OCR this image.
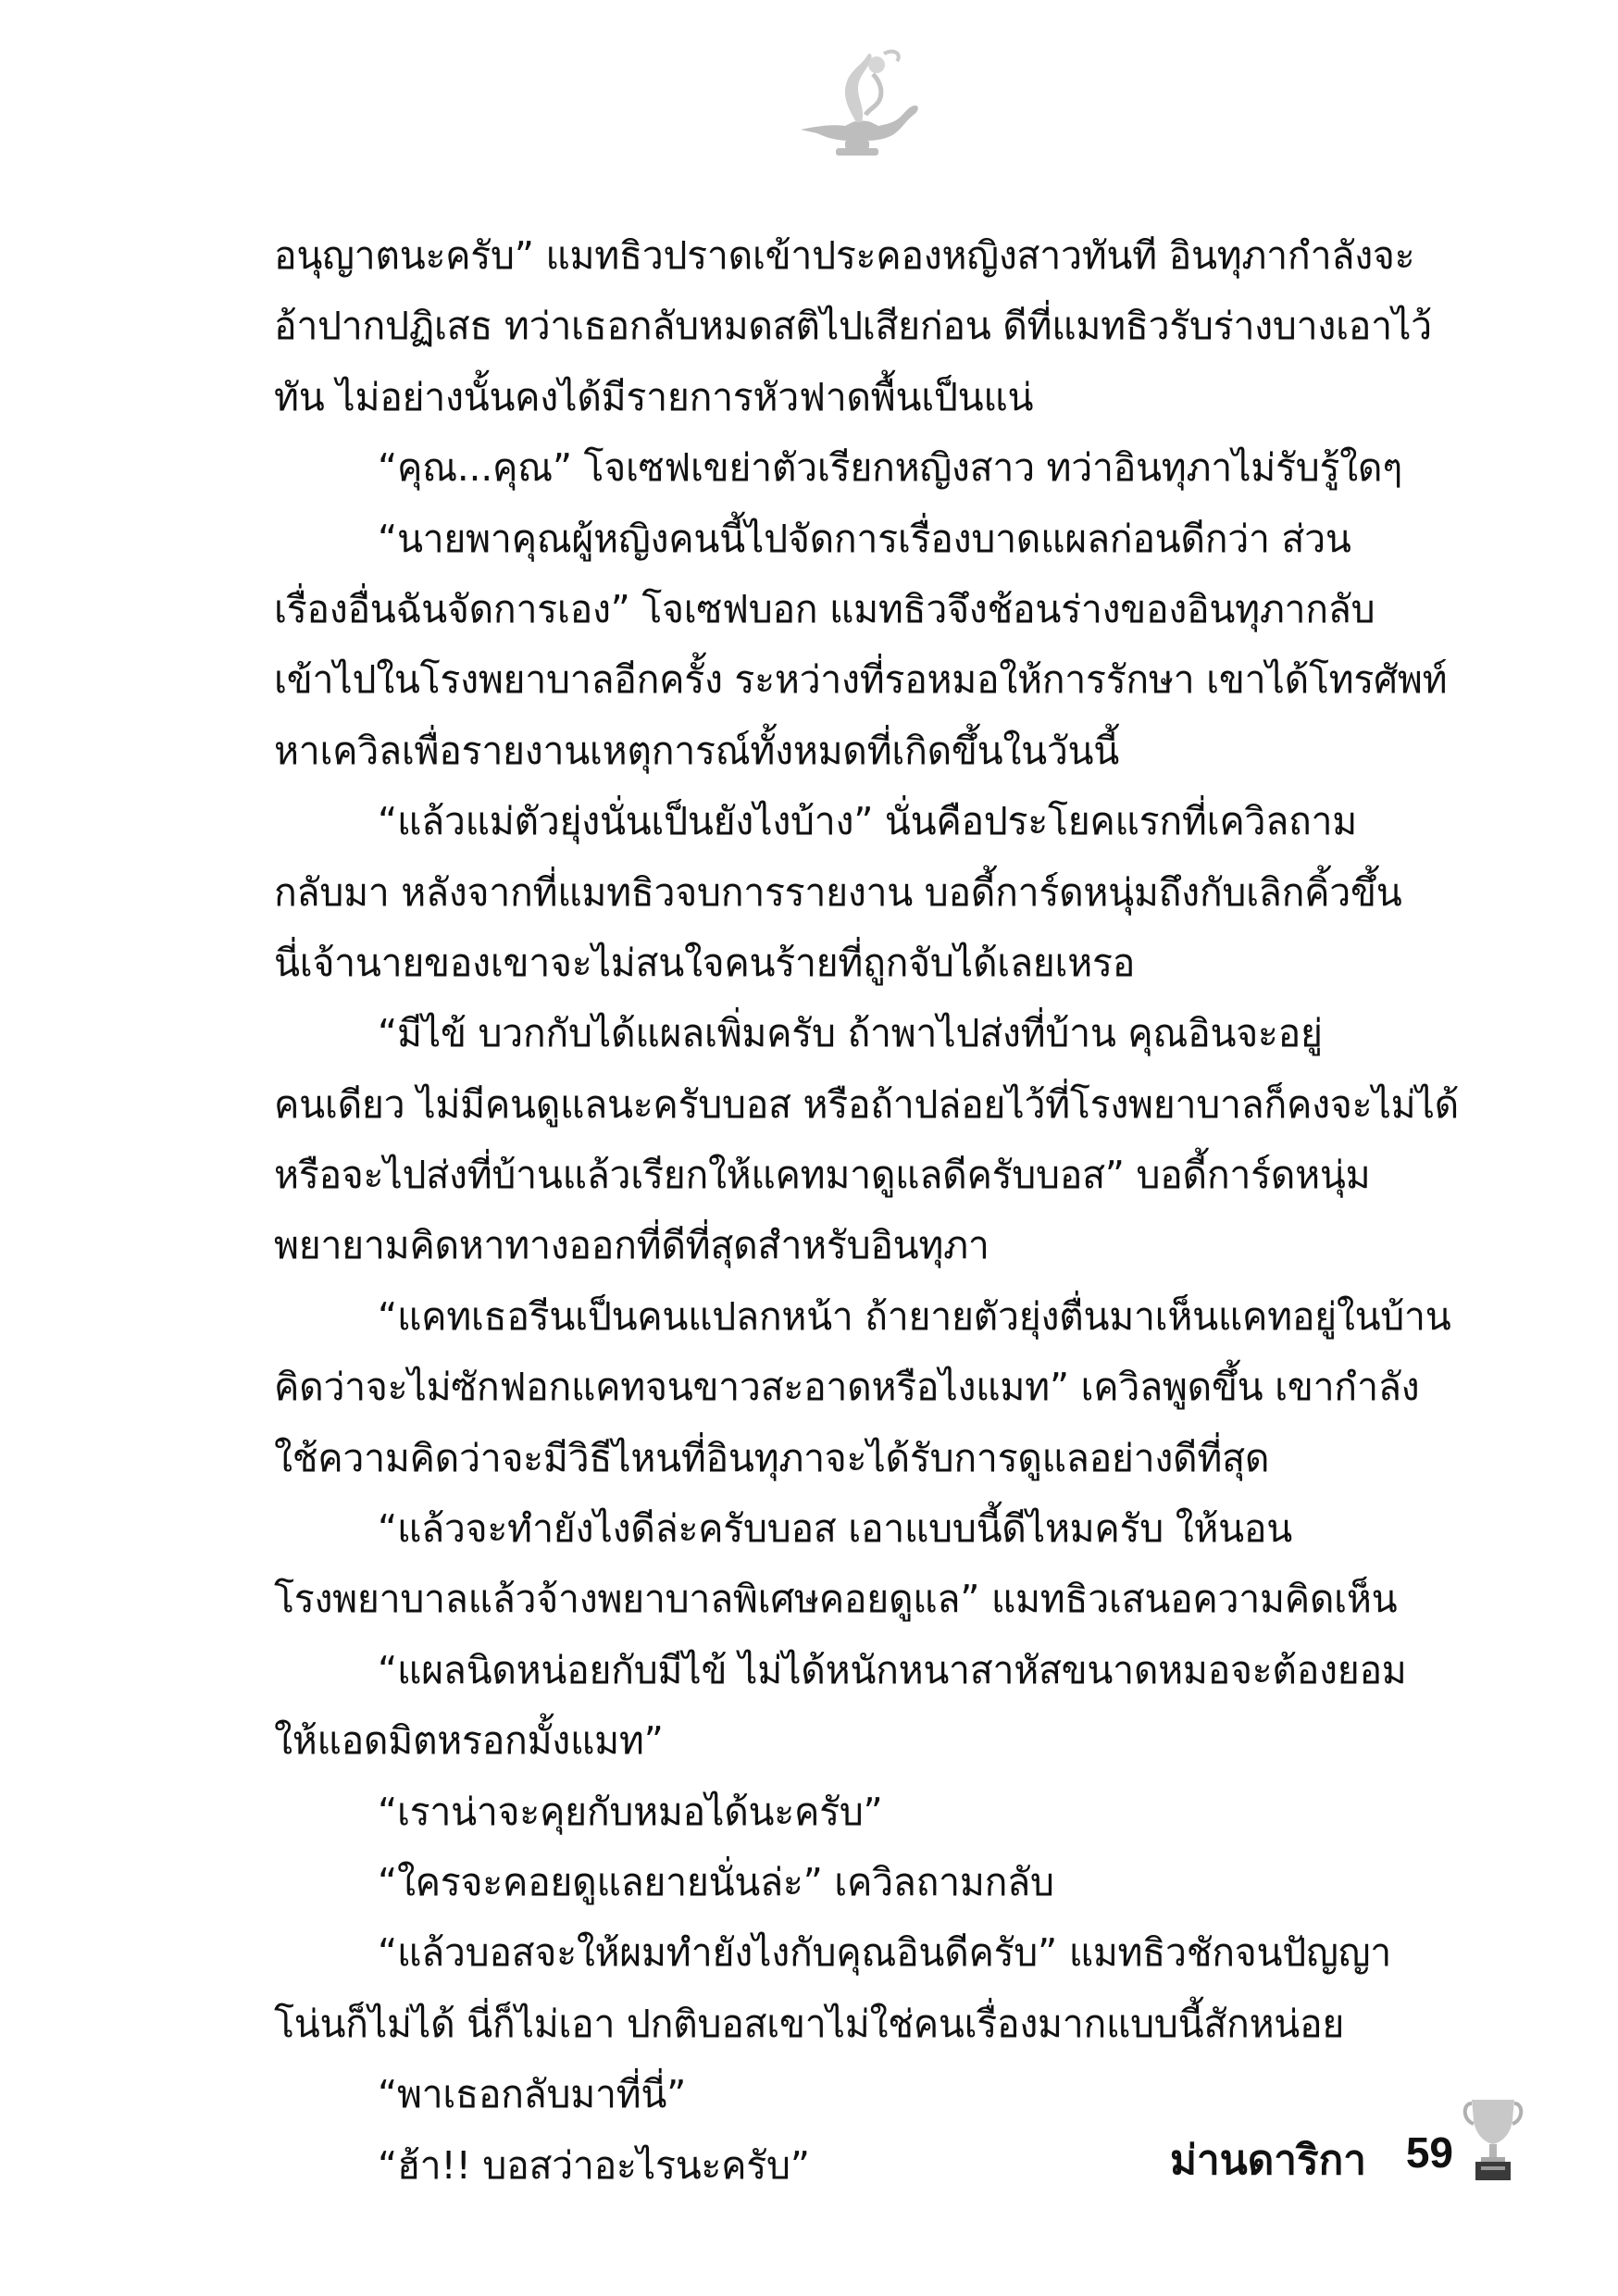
อนุญาตนะครับ” แมทธิวปราดเข้าประคองหญิงสาวทันที อินทุภากำลังจะ
อ้าปากปฏิเสธ ทว่าเธอกลับหมดสติไปเสียก่อน ดีที่แมทธิวรับร่างบางเอาไว้
ทัน ไม่อย่างนั้นคงได้มีรายการหัวฟาดพื้นเป็นแน่
“คุณ...คุณ” โจเซฟเขย่าตัวเรียกหญิงสาว ทว่าอินทุภาไม่รับรู้ใดๆ
“นายพาคุณผู้หญิงคนนี้ไปจัดการเรื่องบาดแผลก่อนดีกว่า ส่วน
เรื่องอื่นฉันจัดการเอง” โจเซฟบอก แมทธิวจึงช้อนร่างของอินทุภากลับ
เข้าไปในโรงพยาบาลอีกครั้ง ระหว่างที่รอหมอให้การรักษา เขาได้โทรศัพท์
หาเควิลเพื่อรายงานเหตุการณ์ทั้งหมดที่เกิดขึ้นในวันนี้
“แล้วแม่ตัวยุ่งนั่นเป็นยังไงบ้าง” นั่นคือประโยคแรกที่เควิลถาม
กลับมา หลังจากที่แมทธิวจบการรายงาน บอดี้การ์ดหนุ่มถึงกับเลิกคิ้วขึ้น
นี่เจ้านายของเขาจะไม่สนใจคนร้ายที่ถูกจับได้เลยเหรอ
“มีไข้ บวกกับได้แผลเพิ่มครับ ถ้าพาไปส่งที่บ้าน คุณอินจะอยู่
คนเดียว ไม่มีคนดูแลนะครับบอส หรือถ้าปล่อยไว้ที่โรงพยาบาลก็คงจะไม่ได้
หรือจะไปส่งที่บ้านแล้วเรียกให้แคทมาดูแลดีครับบอส” บอดี้การ์ดหนุ่ม
พยายามคิดหาทางออกที่ดีที่สุดสำหรับอินทุภา
“แคทเธอรีนเป็นคนแปลกหน้า ถ้ายายตัวยุ่งตื่นมาเห็นแคทอยู่ในบ้าน
คิดว่าจะไม่ซักฟอกแคทจนขาวสะอาดหรือไงแมท” เควิลพูดขึ้น เขากำลัง
ใช้ความคิดว่าจะมีวิธีไหนที่อินทุภาจะได้รับการดูแลอย่างดีที่สุด
“แล้วจะทำยังไงดีล่ะครับบอส เอาแบบนี้ดีไหมครับ ให้นอน
โรงพยาบาลแล้วจ้างพยาบาลพิเศษคอยดูแล” แมทธิวเสนอความคิดเห็น
“แผลนิดหน่อยกับมีไข้ ไม่ได้หนักหนาสาหัสขนาดหมอจะต้องยอม
ให้แอดมิตหรอกมั้งแมท”
“เราน่าจะคุยกับหมอได้นะครับ”
“ใครจะคอยดูแลยายนั่นล่ะ” เควิลถามกลับ
“แล้วบอสจะให้ผมทำยังไงกับคุณอินดีครับ” แมทธิวชักจนปัญญา
โน่นก็ไม่ได้ นี่ก็ไม่เอา ปกติบอสเขาไม่ใช่คนเรื่องมากแบบนี้สักหน่อย
“พาเธอกลับมาที่นี่”
“ฮ้า!! บอสว่าอะไรนะครับ”	ม่านดาริกา 59
